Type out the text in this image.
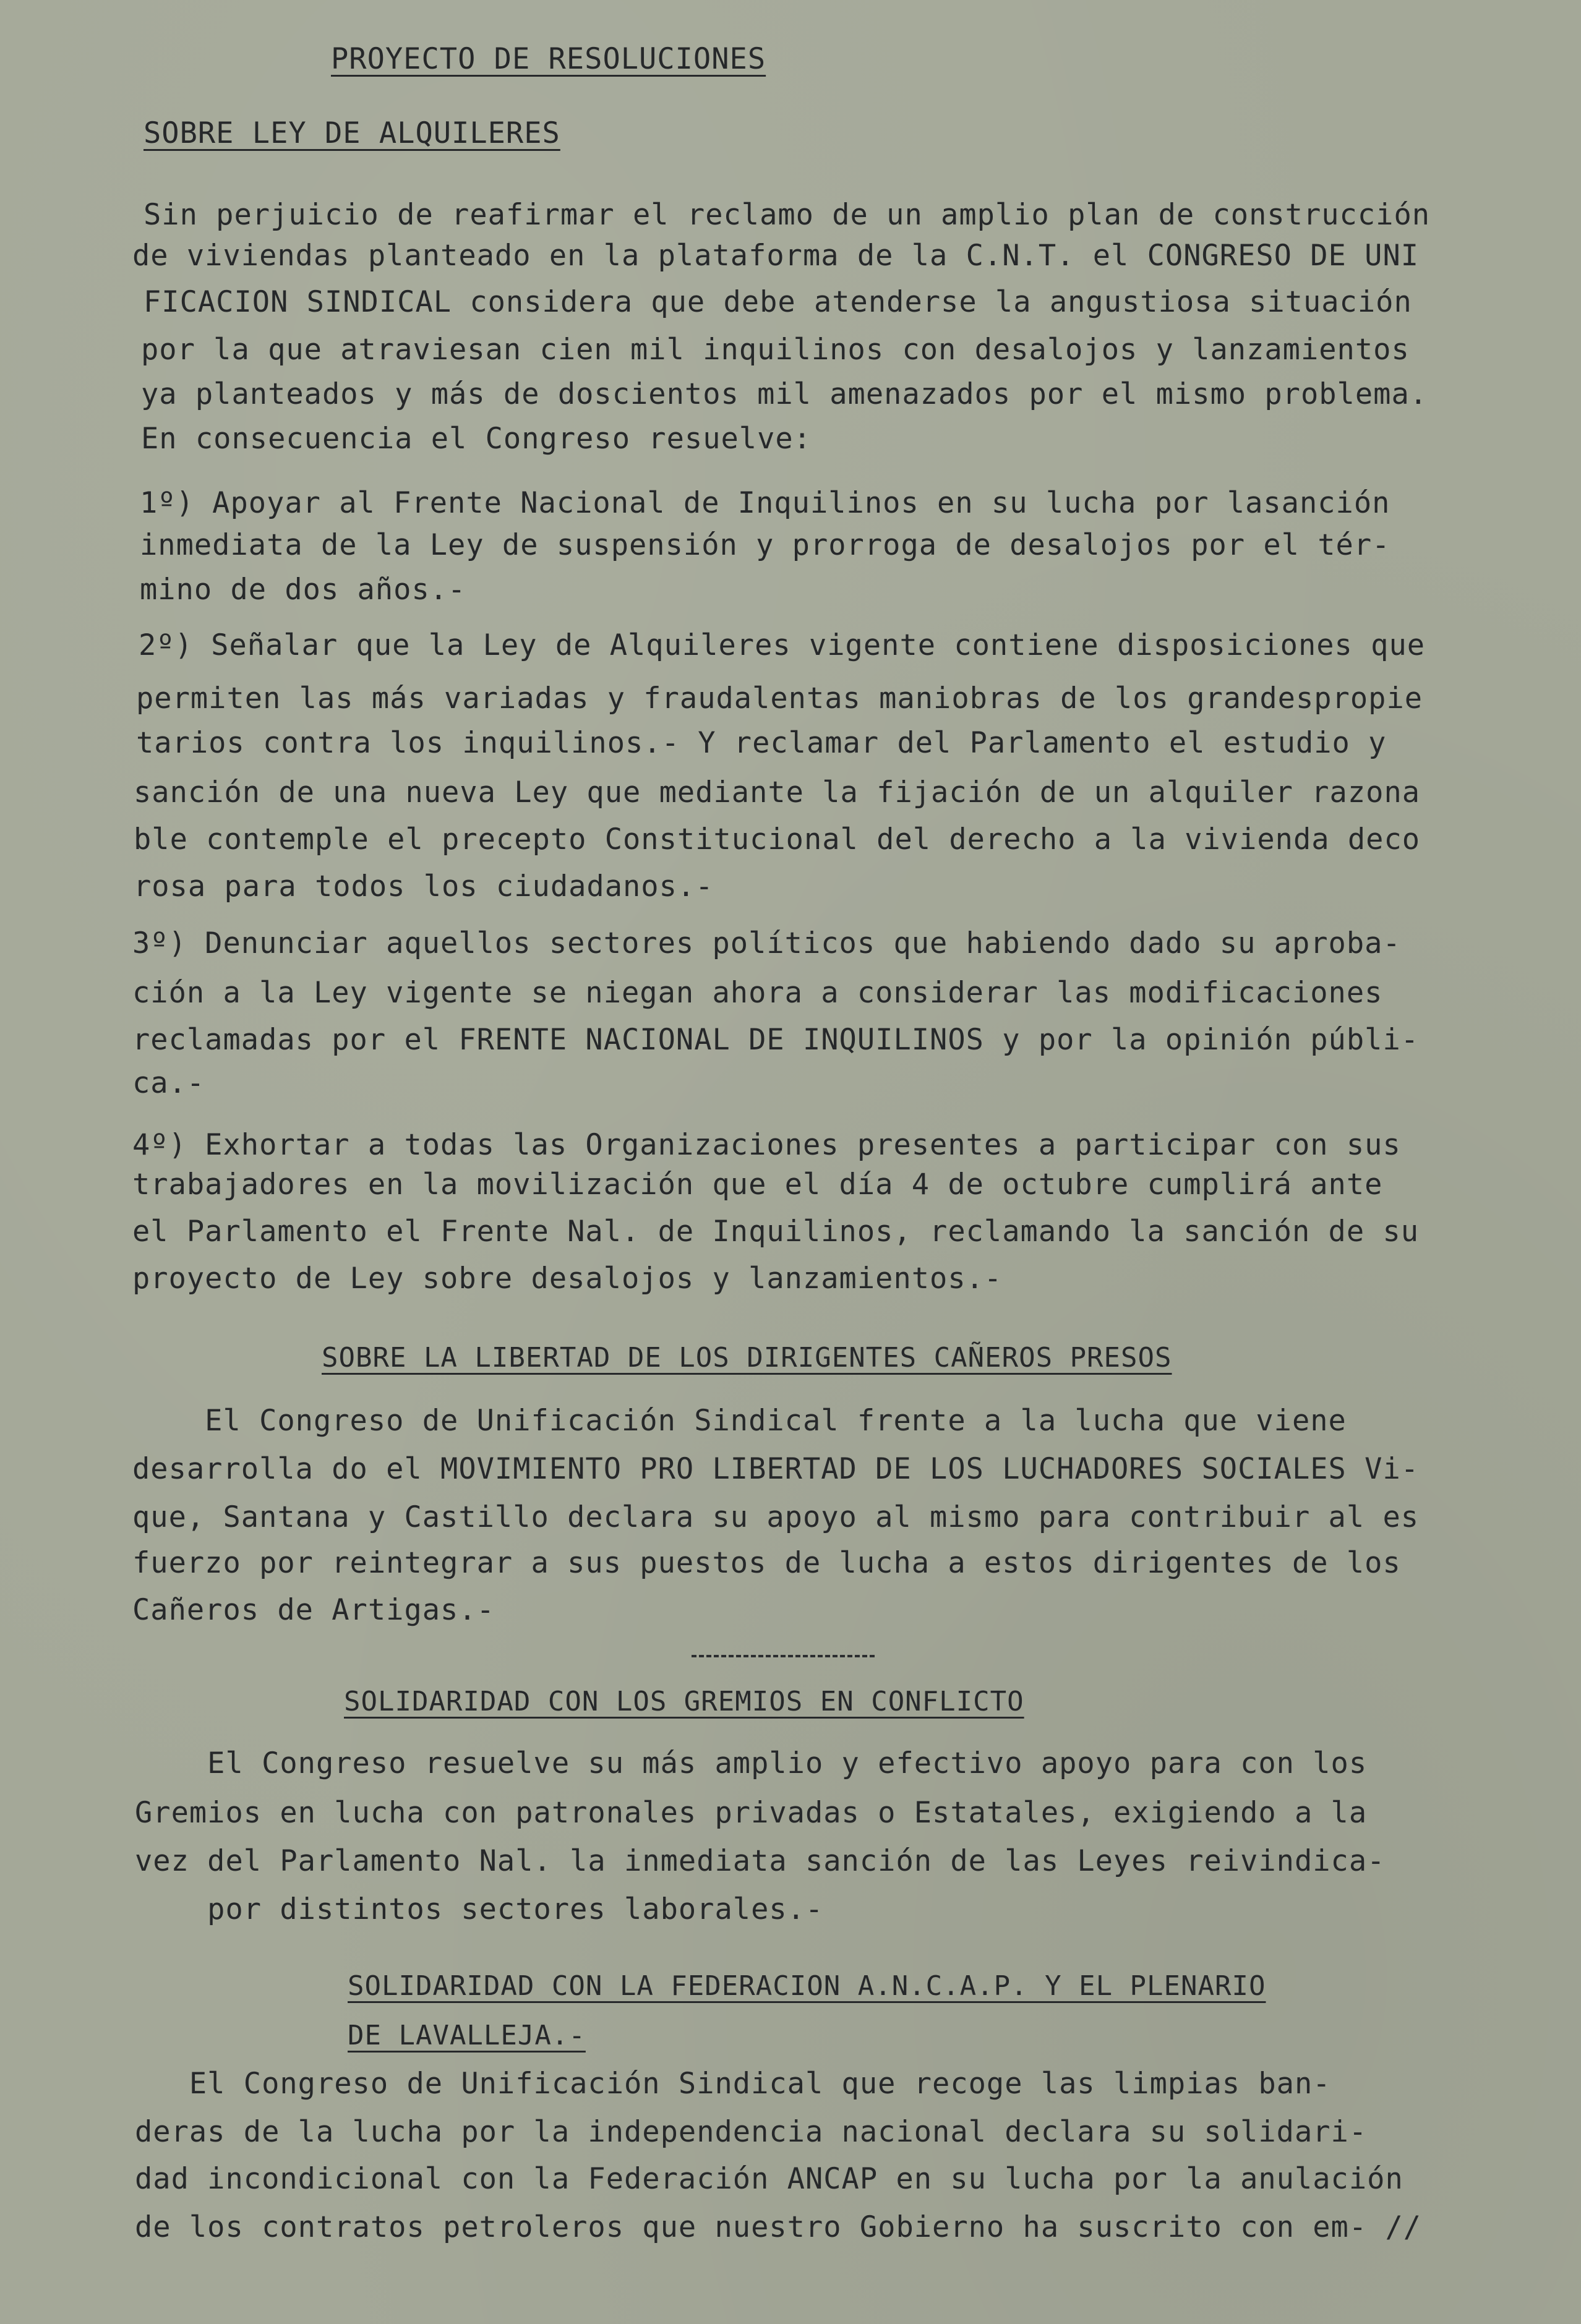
PROYECTO DE RESOLUCIONES
SOBRE LEY DE ALQUILERES
Sin perjuicio de reafirmar el reclamo de un amplio plan de construcción
de viviendas planteado en la plataforma de la C.N.T. el CONGRESO DE UNI
FICACION SINDICAL considera que debe atenderse la angustiosa situación
por la que atraviesan cien mil inquilinos con desalojos y lanzamientos
ya planteados y más de doscientos mil amenazados por el mismo problema.
En consecuencia el Congreso resuelve:
1º) Apoyar al Frente Nacional de Inquilinos en su lucha por lasanción
inmediata de la Ley de suspensión y prorroga de desalojos por el tér-
mino de dos años.-
2º) Señalar que la Ley de Alquileres vigente contiene disposiciones que
permiten las más variadas y fraudalentas maniobras de los grandespropie
tarios contra los inquilinos.- Y reclamar del Parlamento el estudio y
sanción de una nueva Ley que mediante la fijación de un alquiler razona
ble contemple el precepto Constitucional del derecho a la vivienda deco
rosa para todos los ciudadanos.-
3º) Denunciar aquellos sectores políticos que habiendo dado su aproba-
ción a la Ley vigente se niegan ahora a considerar las modificaciones
reclamadas por el FRENTE NACIONAL DE INQUILINOS y por la opinión públi-
ca.-
4º) Exhortar a todas las Organizaciones presentes a participar con sus
trabajadores en la movilización que el día 4 de octubre cumplirá ante
el Parlamento el Frente Nal. de Inquilinos, reclamando la sanción de su
proyecto de Ley sobre desalojos y lanzamientos.-
SOBRE LA LIBERTAD DE LOS DIRIGENTES CAÑEROS PRESOS
El Congreso de Unificación Sindical frente a la lucha que viene
desarrolla do el MOVIMIENTO PRO LIBERTAD DE LOS LUCHADORES SOCIALES Vi-
que, Santana y Castillo declara su apoyo al mismo para contribuir al es
fuerzo por reintegrar a sus puestos de lucha a estos dirigentes de los
Cañeros de Artigas.-
SOLIDARIDAD CON LOS GREMIOS EN CONFLICTO
El Congreso resuelve su más amplio y efectivo apoyo para con los
Gremios en lucha con patronales privadas o Estatales, exigiendo a la
vez del Parlamento Nal. la inmediata sanción de las Leyes reivindica-
por distintos sectores laborales.-
SOLIDARIDAD CON LA FEDERACION A.N.C.A.P. Y EL PLENARIO
DE LAVALLEJA.-
El Congreso de Unificación Sindical que recoge las limpias ban-
deras de la lucha por la independencia nacional declara su solidari-
dad incondicional con la Federación ANCAP en su lucha por la anulación
de los contratos petroleros que nuestro Gobierno ha suscrito con em- //
